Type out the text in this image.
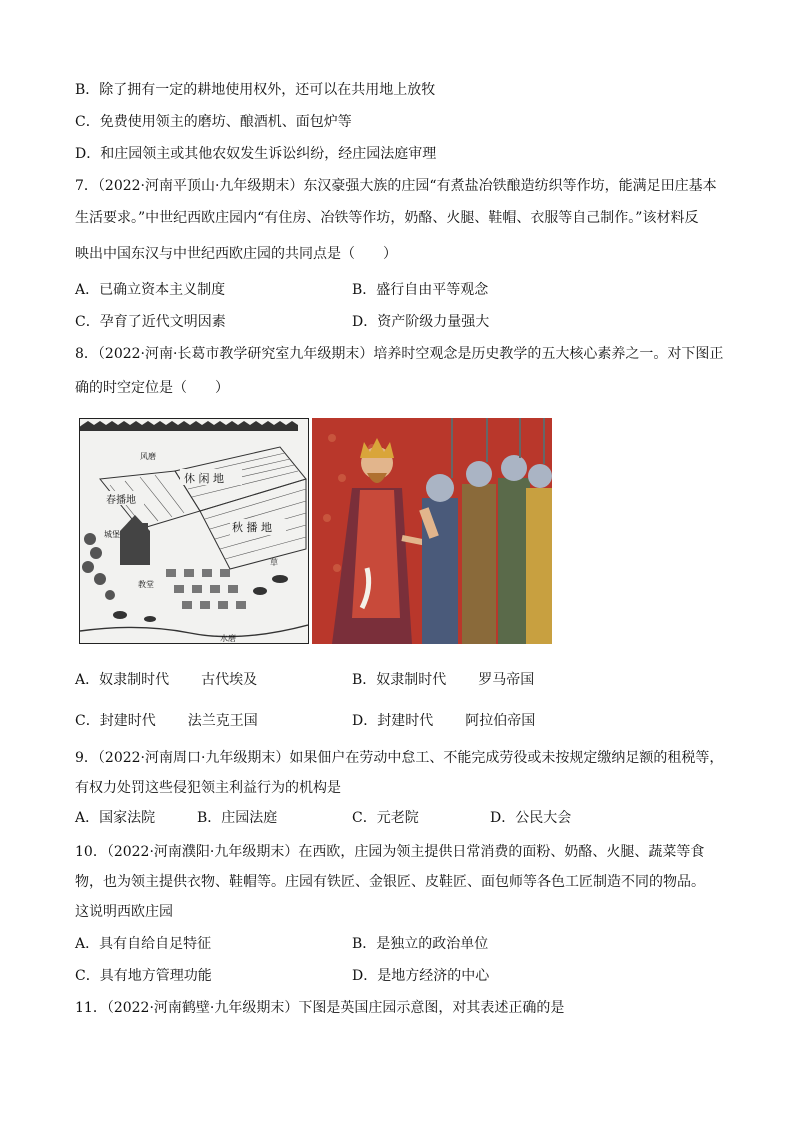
B．除了拥有一定的耕地使用权外，还可以在共用地上放牧
C．免费使用领主的磨坊、酿酒机、面包炉等
D．和庄园领主或其他农奴发生诉讼纠纷，经庄园法庭审理
7．（2022·河南平顶山·九年级期末）东汉豪强大族的庄园“有煮盐冶铁酿造纺织等作坊，能满足田庄基本
生活要求。”中世纪西欧庄园内“有住房、冶铁等作坊，奶酪、火腿、鞋帽、衣服等自己制作。”该材料反
映出中国东汉与中世纪西欧庄园的共同点是（　　）
A．已确立资本主义制度	B．盛行自由平等观念
C．孕育了近代文明因素	D．资产阶级力量强大
8．（2022·河南·长葛市教学研究室九年级期末）培养时空观念是历史教学的五大核心素养之一。对下图正
确的时空定位是（　　）
休 闲 地
春播地
秋 播 地
风磨
城堡
教堂
草
水磨
A．奴隶制时代 古代埃及	B．奴隶制时代 罗马帝国
C．封建时代 法兰克王国	D．封建时代 阿拉伯帝国
9．（2022·河南周口·九年级期末）如果佃户在劳动中怠工、不能完成劳役或未按规定缴纳足额的租税等，
有权力处罚这些侵犯领主利益行为的机构是
A．国家法院	B．庄园法庭	C．元老院	D．公民大会
10．（2022·河南濮阳·九年级期末）在西欧，庄园为领主提供日常消费的面粉、奶酪、火腿、蔬菜等食
物，也为领主提供衣物、鞋帽等。庄园有铁匠、金银匠、皮鞋匠、面包师等各色工匠制造不同的物品。
这说明西欧庄园
A．具有自给自足特征	B．是独立的政治单位
C．具有地方管理功能	D．是地方经济的中心
11．（2022·河南鹤壁·九年级期末）下图是英国庄园示意图，对其表述正确的是
